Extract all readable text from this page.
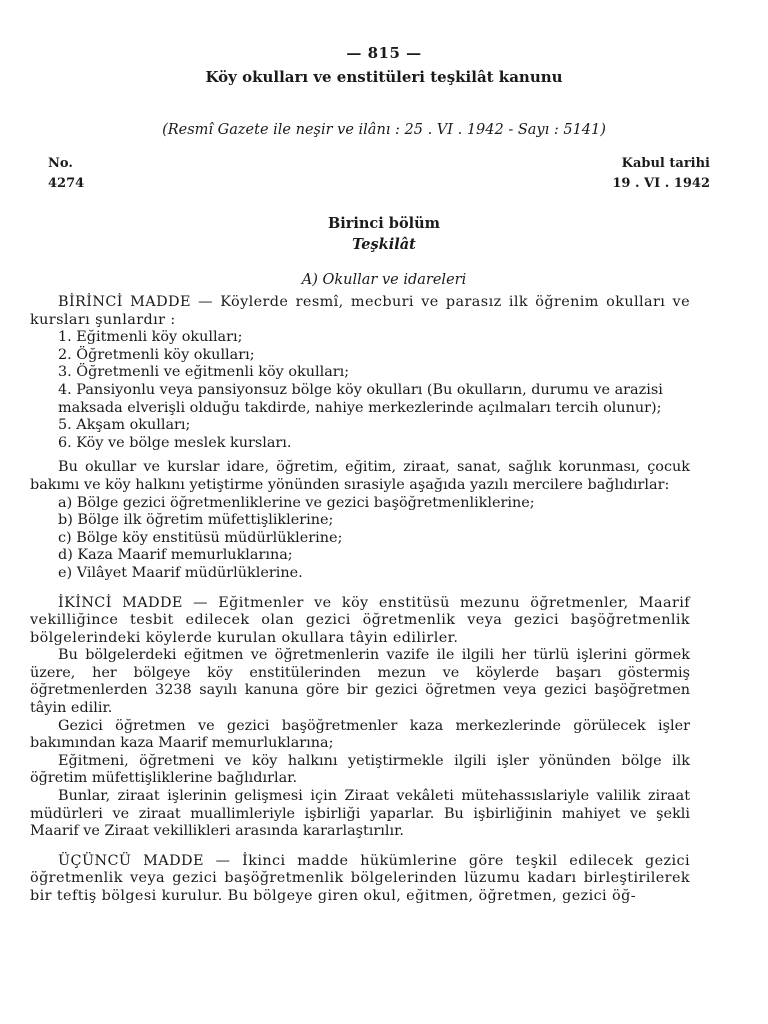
— 815 —
Köy okulları ve enstitüleri teşkilât kanunu
(Resmî Gazete ile neşir ve ilânı : 25 . VI . 1942 - Sayı : 5141)
No.
4274
Kabul tarihi
19 . VI . 1942
Birinci bölüm
Teşkilât
A) Okullar ve idareleri

BİRİNCİ MADDE — Köylerde resmî, mecburi ve parasız ilk öğrenim okulları ve kursları şunlardır :

1. Eğitmenli köy okulları;
2. Öğretmenli köy okulları;
3. Öğretmenli ve eğitmenli köy okulları;
4. Pansiyonlu veya pansiyonsuz bölge köy okulları (Bu okulların, durumu ve arazisi maksada elverişli olduğu takdirde, nahiye merkezlerinde açılmaları tercih olunur);
5. Akşam okulları;
6. Köy ve bölge meslek kursları.

Bu okullar ve kurslar idare, öğretim, eğitim, ziraat, sanat, sağlık korunması, çocuk bakımı ve köy halkını yetiştirme yönünden sırasiyle aşağıda yazılı mercilere bağlıdırlar:

a) Bölge gezici öğretmenliklerine ve gezici başöğretmenliklerine;
b) Bölge ilk öğretim müfettişliklerine;
c) Bölge köy enstitüsü müdürlüklerine;
d) Kaza Maarif memurluklarına;
e) Vilâyet Maarif müdürlüklerine.

İKİNCİ MADDE — Eğitmenler ve köy enstitüsü mezunu öğretmenler, Maarif vekilliğince tesbit edilecek olan gezici öğretmenlik veya gezici başöğretmenlik bölgelerindeki köylerde kurulan okullara tâyin edilirler.

Bu bölgelerdeki eğitmen ve öğretmenlerin vazife ile ilgili her türlü işlerini görmek üzere, her bölgeye köy enstitülerinden mezun ve köylerde başarı göstermiş öğretmenlerden 3238 sayılı kanuna göre bir gezici öğretmen veya gezici başöğretmen tâyin edilir.

Gezici öğretmen ve gezici başöğretmenler kaza merkezlerinde görülecek işler bakımından kaza Maarif memurluklarına;

Eğitmeni, öğretmeni ve köy halkını yetiştirmekle ilgili işler yönünden bölge ilk öğretim müfettişliklerine bağlıdırlar.

Bunlar, ziraat işlerinin gelişmesi için Ziraat vekâleti mütehassıslariyle valilik ziraat müdürleri ve ziraat muallimleriyle işbirliği yaparlar. Bu işbirliğinin mahiyet ve şekli Maarif ve Ziraat vekillikleri arasında kararlaştırılır.

ÜÇÜNCÜ MADDE — İkinci madde hükümlerine göre teşkil edilecek gezici öğretmenlik veya gezici başöğretmenlik bölgelerinden lüzumu kadarı birleştirilerek bir teftiş bölgesi kurulur. Bu bölgeye giren okul, eğitmen, öğretmen, gezici öğ-
